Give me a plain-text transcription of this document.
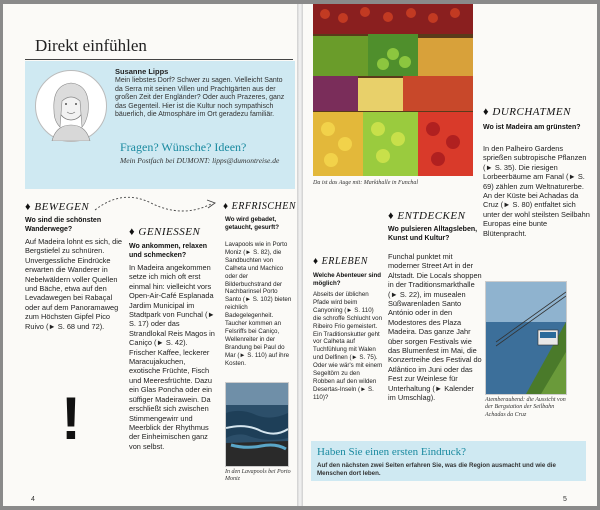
Direkt einfühlen
Susanne Lipps
Mein liebstes Dorf? Schwer zu sagen. Vielleicht Santo da Serra mit seinen Villen und Prachtgärten aus der großen Zeit der Engländer? Oder auch Prazeres, ganz das Gegenteil. Hier ist die Kultur noch sympathisch bäuerlich, die Atmosphäre im Ort geradezu familiär.
Fragen? Wünsche? Ideen?
Mein Postfach bei DUMONT: lipps@dumontreise.de
♦ BEWEGEN
Wo sind die schönsten Wanderwege?
Auf Madeira lohnt es sich, die Bergstiefel zu schnüren. Unvergessliche Eindrücke erwarten die Wanderer in Nebelwäldern voller Quellen und Bäche, etwa auf den Levadawegen bei Rabaçal oder auf dem Panoramaweg zum Höchsten Gipfel Pico Ruivo (► S. 68 und 72).
!
♦ GENIESSEN
Wo ankommen, relaxen und schmecken?
In Madeira angekommen setze ich mich oft erst einmal hin: vielleicht vors Open-Air-Café Esplanada Jardim Municipal im Stadtpark von Funchal (► S. 17) oder das Strandlokal Reis Magos in Caniço (► S. 42). Frischer Kaffee, leckerer Maracujakuchen, exotische Früchte, Fisch und Meeresfrüchte. Dazu ein Glas Poncha oder ein süffiger Madeirawein. Da erschließt sich zwischen Stimmengewirr und Meerblick der Rhythmus der Einheimischen ganz von selbst.
♦ ERFRISCHEN
Wo wird gebadet, getaucht, gesurft?
Lavapools wie in Porto Moniz (► S. 82), die Sandbuchten von Calheta und Machico oder der Bilderbuchstrand der Nachbarinsel Porto Santo (► S. 102) bieten reichlich Badegelegenheit. Taucher kommen an Felsriffs bei Caniço, Wellenreiter in der Brandung bei Paul do Mar (► S. 110) auf ihre Kosten.
In den Lavapools bei Porto Moniz
4
Da ist das Auge mit: Markthalle in Funchal
♦ DURCHATMEN
Wo ist Madeira am grünsten?
In den Palheiro Gardens sprießen subtropische Pflanzen (► S. 35). Die riesigen Lorbeerbäume am Fanal (► S. 69) zählen zum Weltnaturerbe. An der Küste bei Achadas da Cruz (► S. 80) entfaltet sich unter der wohl steilsten Seilbahn Europas eine bunte Blütenpracht.
♦ ENTDECKEN
Wo pulsieren Alltagsleben, Kunst und Kultur?
Funchal punktet mit moderner Street Art in der Altstadt. Die Locals shoppen in der Traditionsmarkthalle (► S. 22), im musealen Süßwarenladen Santo António oder in den Modestores des Plaza Madeira. Das ganze Jahr über sorgen Festivals wie das Blumenfest im Mai, die Konzertreihe des Festival do Atlântico im Juni oder das Fest zur Weinlese für Unterhaltung (► Kalender im Umschlag).
♦ ERLEBEN
Welche Abenteuer sind möglich?
Abseits der üblichen Pfade wird beim Canyoning (► S. 110) die schroffe Schlucht von Ribeiro Frio gemeistert. Ein Traditionskutter geht vor Calheta auf Tuchfühlung mit Walen und Delfinen (► S. 75). Oder wie wär's mit einem Segeltörn zu den Robben auf den wilden Desertas-Inseln (► S. 110)?	Atemberaubend: die Aussicht von der Bergstation der Seilbahn Achadas da Cruz
Haben Sie einen ersten Eindruck?
Auf den nächsten zwei Seiten erfahren Sie, was die Region ausmacht und wie die Menschen dort leben.
5
